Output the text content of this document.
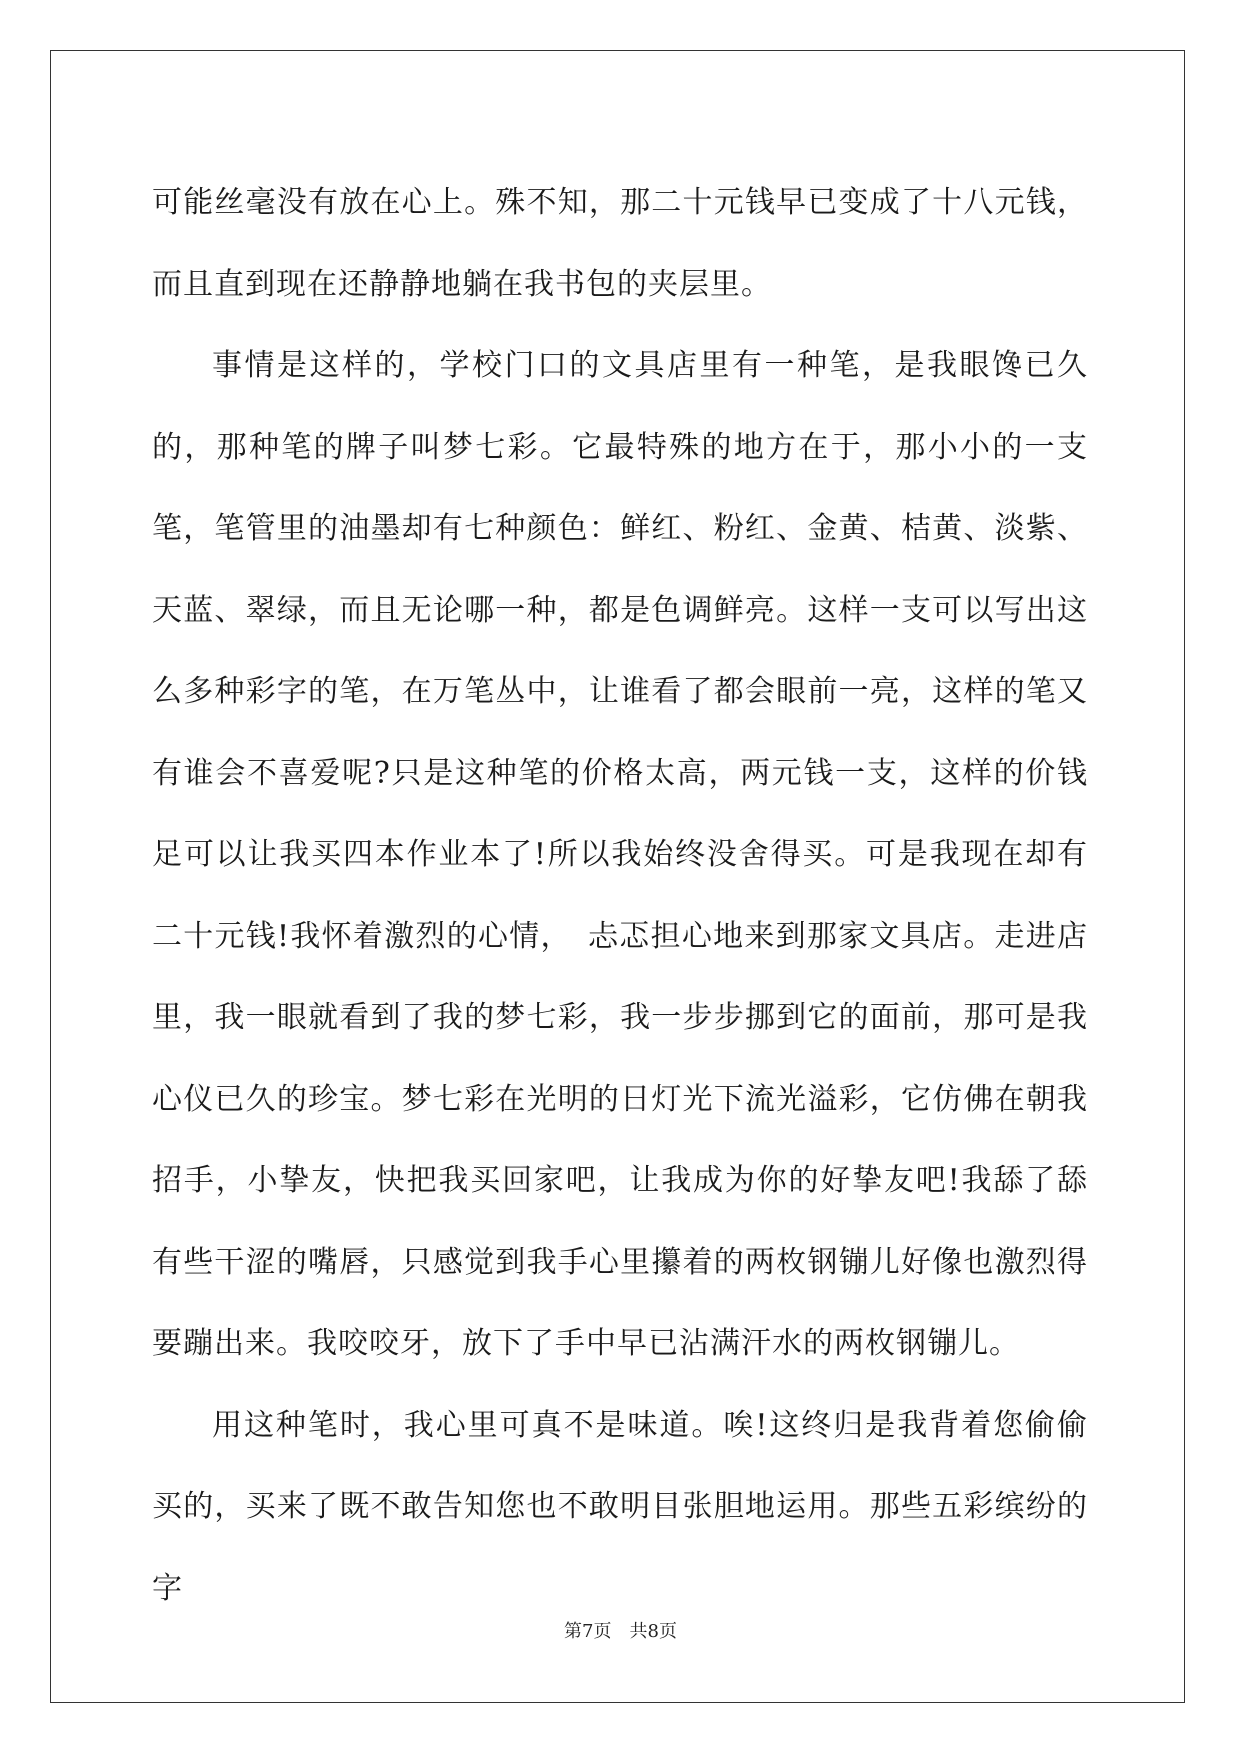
可能丝毫没有放在心上。殊不知，那二十元钱早已变成了十八元钱，而且直到现在还静静地躺在我书包的夹层里。

事情是这样的，学校门口的文具店里有一种笔，是我眼馋已久的，那种笔的牌子叫梦七彩。它最特殊的地方在于，那小小的一支笔，笔管里的油墨却有七种颜色：鲜红、粉红、金黄、桔黄、淡紫、天蓝、翠绿，而且无论哪一种，都是色调鲜亮。这样一支可以写出这么多种彩字的笔，在万笔丛中，让谁看了都会眼前一亮，这样的笔又有谁会不喜爱呢?只是这种笔的价格太高，两元钱一支，这样的价钱足可以让我买四本作业本了!所以我始终没舍得买。可是我现在却有二十元钱!我怀着激烈的心情，　忐忑担心地来到那家文具店。走进店里，我一眼就看到了我的梦七彩，我一步步挪到它的面前，那可是我心仪已久的珍宝。梦七彩在光明的日灯光下流光溢彩，它仿佛在朝我招手，小挚友，快把我买回家吧，让我成为你的好挚友吧!我舔了舔有些干涩的嘴唇，只感觉到我手心里攥着的两枚钢镚儿好像也激烈得要蹦出来。我咬咬牙，放下了手中早已沾满汗水的两枚钢镚儿。

用这种笔时，我心里可真不是味道。唉!这终归是我背着您偷偷买的，买来了既不敢告知您也不敢明目张胆地运用。那些五彩缤纷的字

第7页　共8页
